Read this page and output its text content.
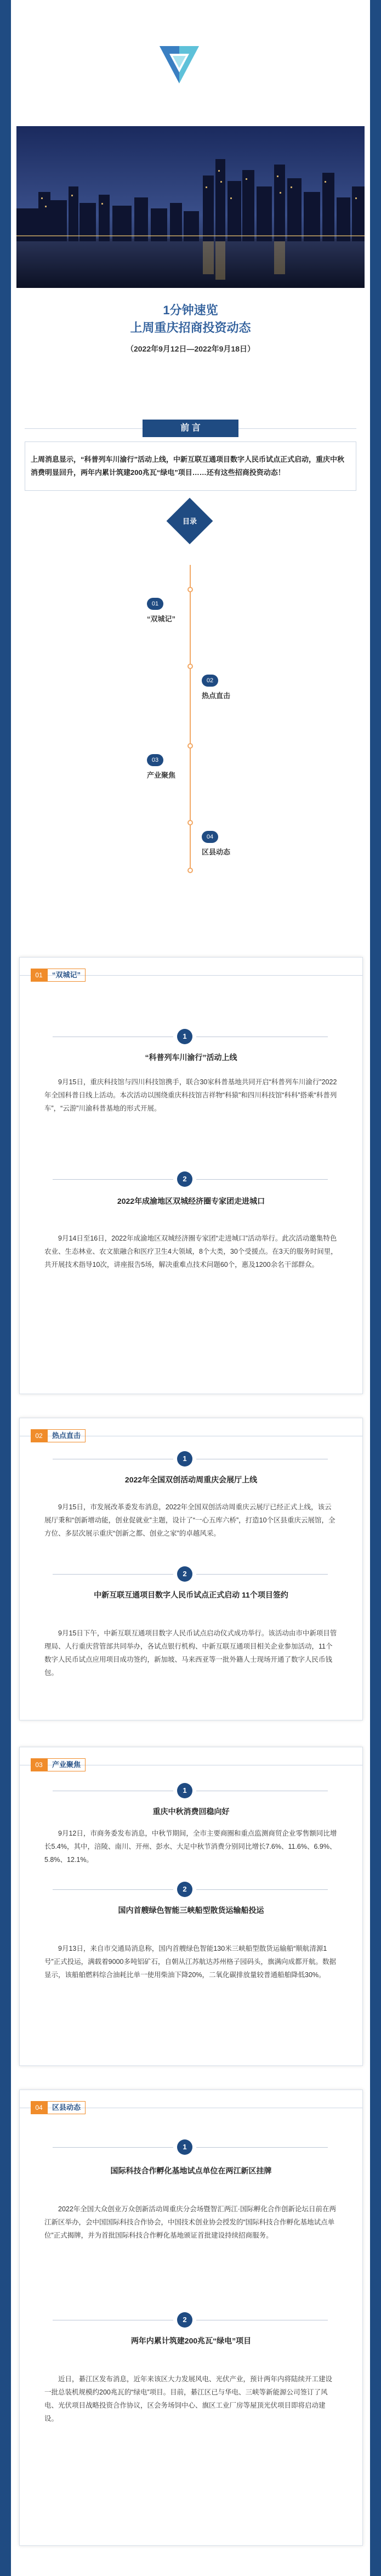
1分钟速览
上周重庆招商投资动态
（2022年9月12日—2022年9月18日）
前 言
上周消息显示，“科普列车川渝行”活动上线，中新互联互通项目数字人民币试点正式启动，重庆中秋消费明显回升，两年内累计筑建200兆瓦“绿电”项目……还有这些招商投资动态！
目录
01
“双城记”
02
热点直击
03
产业聚焦
04
区县动态
01	“双城记”
1
“科普列车川渝行”活动上线
9月15日，重庆科技馆与四川科技馆携手，联合30家科普基地共同开启“科普列车川渝行”2022年全国科普日线上活动。本次活动以围绕重庆科技馆吉祥物“科猿”和四川科技馆“科科”搭乘“科普列车”，“云游”川渝科普基地的形式开展。
2
2022年成渝地区双城经济圈专家团走进城口
9月14日至16日，2022年成渝地区双城经济圈专家团“走进城口”活动举行。此次活动邀集特色农业、生态林业、农文旅融合和医疗卫生4大领域，8个大类，30个受援点。在3天的服务时间里，共开展技术指导10次，讲座报告5场，解决重难点技术问题60个，惠及1200余名干部群众。
02	热点直击
1
2022年全国双创活动周重庆会展厅上线
9月15日，市发展改革委发布消息，2022年全国双创活动周重庆云展厅已经正式上线，该云展厅秉和“创新增动能，创业促就业”主题，设计了“一心五库六桥”，打造10个区县重庆云展馆，全方位、多层次展示重庆“创新之都、创业之家”的卓越风采。
2
中新互联互通项目数字人民币试点正式启动 11个项目签约
9月15日下午，中新互联互通项目数字人民币试点启动仪式成功举行。该活动由市中新项目管理局、人行重庆营管部共同举办，各试点银行机构、中新互联互通项目相关企业参加活动，11个数字人民币试点应用项目成功签约，新加坡、马来西亚等一批外籍人士现场开通了数字人民币钱包。
03	产业聚焦
1
重庆中秋消费回稳向好
9月12日，市商务委发布消息，中秋节期间，全市主要商圈和重点监测商贸企业零售额同比增长5.4%，其中，涪陵、南川、开州、彭水、大足中秋节消费分别同比增长7.6%、11.6%、6.9%、5.8%、12.1%。
2
国内首艘绿色智能三峡船型散货运输船投运
9月13日，来自市交通局消息称，国内首艘绿色智能130米三峡船型散货运输船“顺航清源1号”正式投运，满载着9000多吨铝矿石，自朝从江苏航达苏州格子园码头，旗满向成都开航。数据显示，该船舶燃料综合油耗比单一使用柴油下降20%，二氧化碳排放量较普通船舶降低30%。
04	区县动态
1
国际科技合作孵化基地试点单位在两江新区挂牌
2022年全国大众创业万众创新活动周重庆分会场暨智汇两江·国际孵化合作创新论坛日前在两江新区举办，会中国国际科技合作协会，中国技术创业协会授发的“国际科技合作孵化基地试点单位”正式揭牌，并为首批国际科技合作孵化基地颁证首批建设持续招商服务。
2
两年内累计筑建200兆瓦“绿电”项目
近日，綦江区发布消息，近年来该区大力发展风电、光伏产业，预计两年内将陆续开工建设一批总装机规模约200兆瓦的“绿电”项目。目前，綦江区已与华电、三峡等新能源公司签订了风电、光伏项目战略投资合作协议，区会务场饲中心、旗区工业厂房等屋顶光伏项目即将启动建设。
